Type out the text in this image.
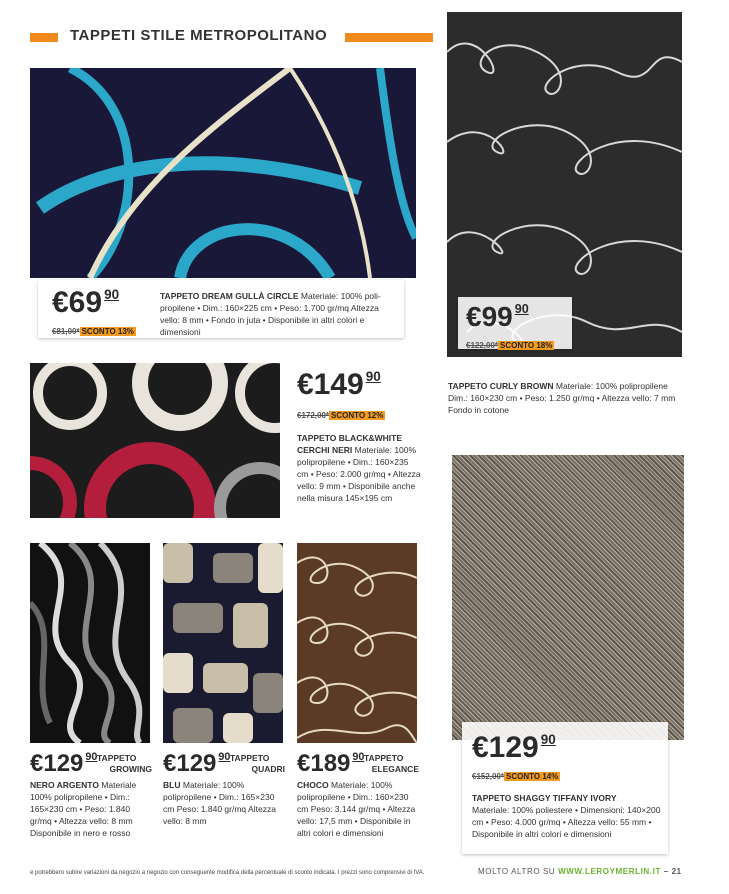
TAPPETI STILE METROPOLITANO
€69 $^{90}$
€81,00* SCONTO 13%
TAPPETO DREAM GULLÀ CIRCLE Materiale: 100% poli-propilene • Dim.: 160×225 cm • Peso: 1.700 gr/mq Altezza vello: 8 mm • Fondo in juta • Disponibile in altri colori e dimensioni	€99 $^{90}$
€122,00* SCONTO 18%
TAPPETO CURLY BROWN Materiale: 100% polipropilene Dim.: 160×230 cm • Peso: 1.250 gr/mq • Altezza vello: 7 mm Fondo in cotone
€149 $^{90}$
€172,00* SCONTO 12%
TAPPETO BLACK&WHITE CERCHI NERI Materiale: 100% polipropilene • Dim.: 160×235 cm • Peso: 2.000 gr/mq • Altezza vello: 9 mm • Disponibile anche nella misura 145×195 cm
€129 $^{90}$ TAPPETO
GROWING
NERO ARGENTO Materiale 100% polipropilene • Dim.: 165×230 cm • Peso: 1.840 gr/mq • Altezza vello: 8 mm Disponibile in nero e rosso
€129 $^{90}$ TAPPETO
QUADRI
BLU Materiale: 100% polipropilene • Dim.: 165×230 cm Peso: 1.840 gr/mq Altezza vello: 8 mm
€189 $^{90}$ TAPPETO
ELEGANCE
CHOCO Materiale: 100% polipropilene • Dim.: 160×230 cm Peso: 3.144 gr/mq • Altezza vello: 17,5 mm • Disponibile in altri colori e dimensioni
€129 $^{90}$
€152,00* SCONTO 14%
TAPPETO SHAGGY TIFFANY IVORY
Materiale: 100% poliestere • Dimensioni: 140×200 cm • Peso: 4.000 gr/mq • Altezza vello: 55 mm • Disponibile in altri colori e dimensioni
e potrebbero subire variazioni da negozio a negozio con conseguente modifica della percentuale di sconto indicata. I prezzi sono comprensivi di IVA.	MOLTO ALTRO SU WWW.LEROYMERLIN.IT – 21
